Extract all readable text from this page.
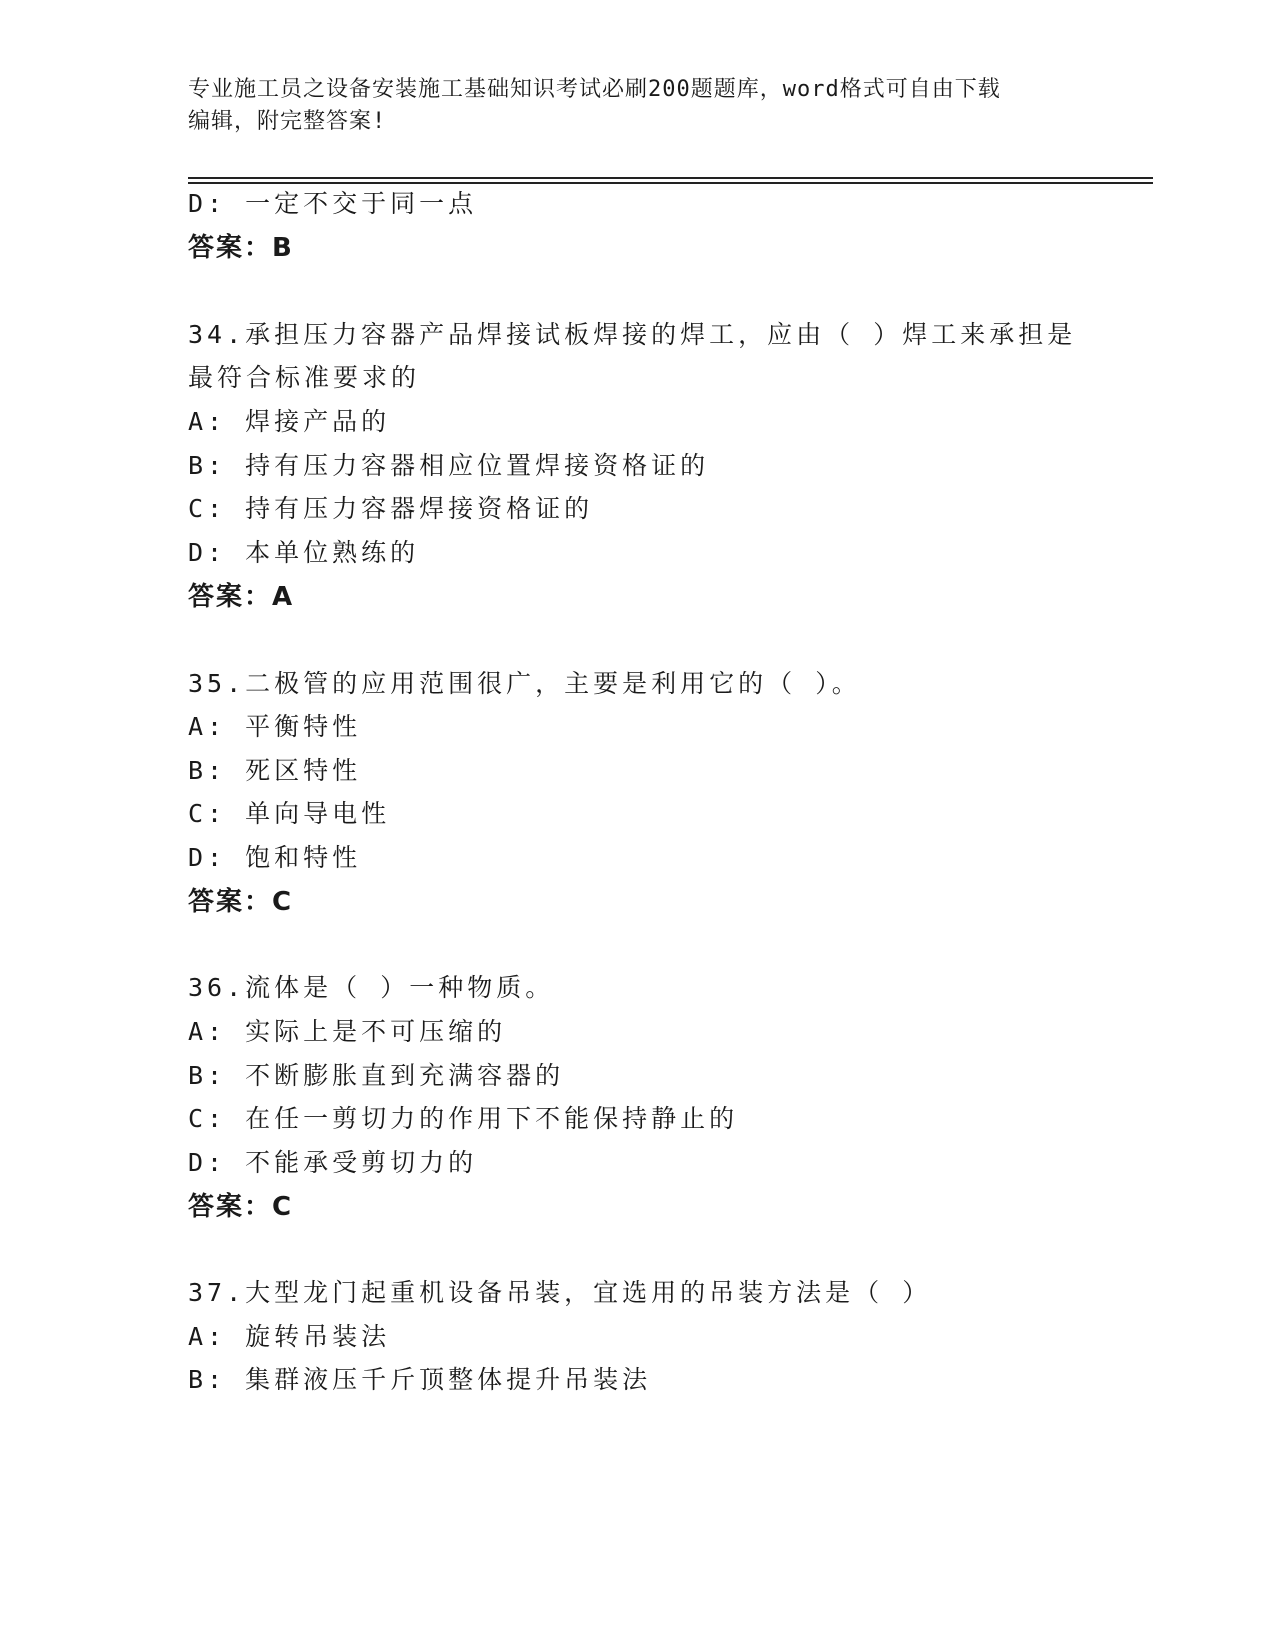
专业施工员之设备安装施工基础知识考试必刷200题题库，word格式可自由下载
编辑，附完整答案!
D: 一定不交于同一点
答案：B
34.承担压力容器产品焊接试板焊接的焊工，应由（ ）焊工来承担是
最符合标准要求的
A: 焊接产品的
B: 持有压力容器相应位置焊接资格证的
C: 持有压力容器焊接资格证的
D: 本单位熟练的
答案：A
35.二极管的应用范围很广，主要是利用它的（ ）。
A: 平衡特性
B: 死区特性
C: 单向导电性
D: 饱和特性
答案：C
36.流体是（ ）一种物质。
A: 实际上是不可压缩的
B: 不断膨胀直到充满容器的
C: 在任一剪切力的作用下不能保持静止的
D: 不能承受剪切力的
答案：C
37.大型龙门起重机设备吊装，宜选用的吊装方法是（ ）
A: 旋转吊装法
B: 集群液压千斤顶整体提升吊装法
